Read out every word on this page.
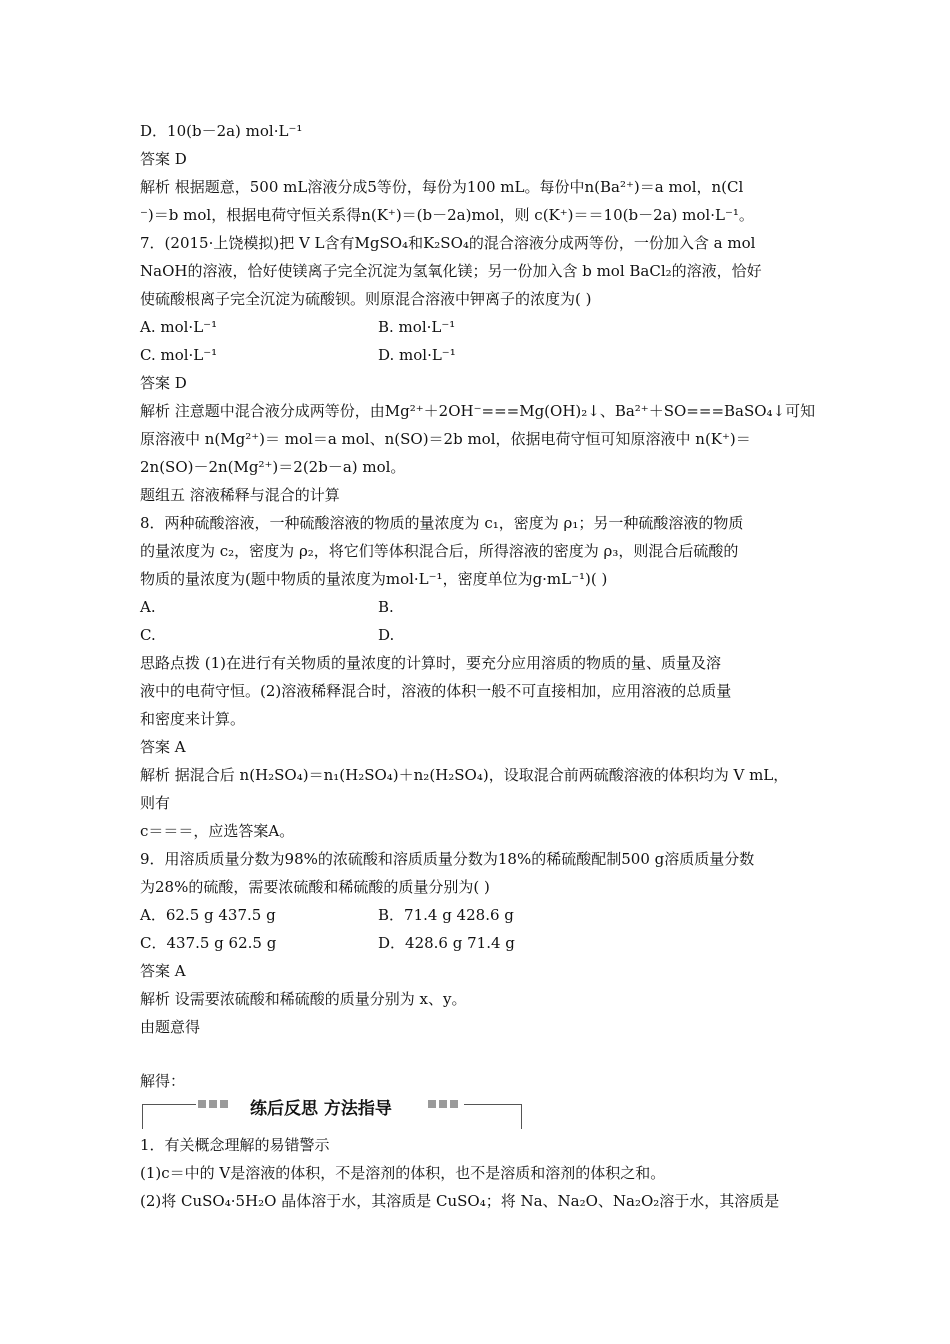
D．10(b－2a) mol·L⁻¹
答案 D
解析 根据题意，500 mL溶液分成5等份，每份为100 mL。每份中n(Ba²⁺)＝a mol，n(Cl
⁻)＝b mol，根据电荷守恒关系得n(K⁺)＝(b－2a)mol，则 c(K⁺)＝＝10(b－2a) mol·L⁻¹。
7．(2015·上饶模拟)把 V L含有MgSO₄和K₂SO₄的混合溶液分成两等份，一份加入含 a mol
NaOH的溶液，恰好使镁离子完全沉淀为氢氧化镁；另一份加入含 b mol BaCl₂的溶液，恰好
使硫酸根离子完全沉淀为硫酸钡。则原混合溶液中钾离子的浓度为( )
A. mol·L⁻¹	B. mol·L⁻¹
C. mol·L⁻¹	D. mol·L⁻¹
答案 D
解析 注意题中混合液分成两等份，由Mg²⁺＋2OH⁻===Mg(OH)₂↓、Ba²⁺＋SO===BaSO₄↓可知
原溶液中 n(Mg²⁺)＝ mol＝a mol、n(SO)＝2b mol，依据电荷守恒可知原溶液中 n(K⁺)＝
2n(SO)－2n(Mg²⁺)＝2(2b－a) mol。
题组五 溶液稀释与混合的计算
8．两种硫酸溶液，一种硫酸溶液的物质的量浓度为 c₁，密度为 ρ₁；另一种硫酸溶液的物质
的量浓度为 c₂，密度为 ρ₂，将它们等体积混合后，所得溶液的密度为 ρ₃，则混合后硫酸的
物质的量浓度为(题中物质的量浓度为mol·L⁻¹，密度单位为g·mL⁻¹)( )
A.	B.
C.	D.
思路点拨 (1)在进行有关物质的量浓度的计算时，要充分应用溶质的物质的量、质量及溶
液中的电荷守恒。(2)溶液稀释混合时，溶液的体积一般不可直接相加，应用溶液的总质量
和密度来计算。
答案 A
解析 据混合后 n(H₂SO₄)＝n₁(H₂SO₄)＋n₂(H₂SO₄)，设取混合前两硫酸溶液的体积均为 V mL，
则有
c＝＝＝，应选答案A。
9．用溶质质量分数为98%的浓硫酸和溶质质量分数为18%的稀硫酸配制500 g溶质质量分数
为28%的硫酸，需要浓硫酸和稀硫酸的质量分别为( )
A．62.5 g 437.5 g	B．71.4 g 428.6 g
C．437.5 g 62.5 g	D．428.6 g 71.4 g
答案 A
解析 设需要浓硫酸和稀硫酸的质量分别为 x、y。
由题意得
解得：
练后反思 方法指导
1．有关概念理解的易错警示
(1)c＝中的 V是溶液的体积，不是溶剂的体积，也不是溶质和溶剂的体积之和。
(2)将 CuSO₄·5H₂O 晶体溶于水，其溶质是 CuSO₄；将 Na、Na₂O、Na₂O₂溶于水，其溶质是
